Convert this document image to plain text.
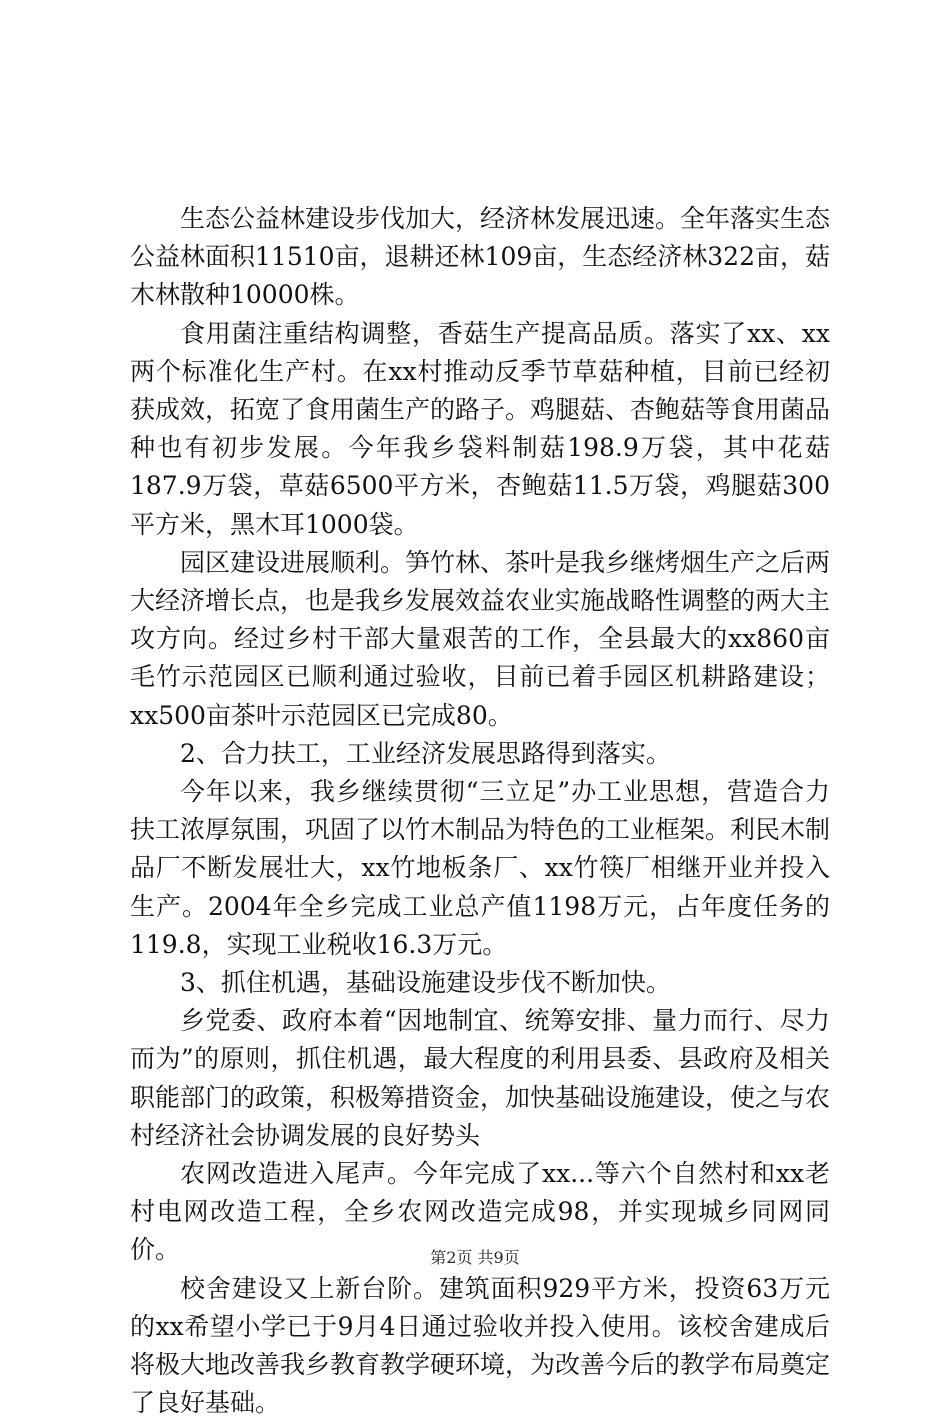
生态公益林建设步伐加大，经济林发展迅速。全年落实生态公益林面积11510亩，退耕还林109亩，生态经济林322亩，菇木林散种10000株。

食用菌注重结构调整，香菇生产提高品质。落实了xx、xx两个标准化生产村。在xx村推动反季节草菇种植，目前已经初获成效，拓宽了食用菌生产的路子。鸡腿菇、杏鲍菇等食用菌品种也有初步发展。今年我乡袋料制菇198.9万袋，其中花菇187.9万袋，草菇6500平方米，杏鲍菇11.5万袋，鸡腿菇300平方米，黑木耳1000袋。

园区建设进展顺利。笋竹林、茶叶是我乡继烤烟生产之后两大经济增长点，也是我乡发展效益农业实施战略性调整的两大主攻方向。经过乡村干部大量艰苦的工作，全县最大的xx860亩毛竹示范园区已顺利通过验收，目前已着手园区机耕路建设；xx500亩茶叶示范园区已完成80。

2、合力扶工，工业经济发展思路得到落实。

今年以来，我乡继续贯彻“三立足”办工业思想，营造合力扶工浓厚氛围，巩固了以竹木制品为特色的工业框架。利民木制品厂不断发展壮大，xx竹地板条厂、xx竹筷厂相继开业并投入生产。2004年全乡完成工业总产值1198万元，占年度任务的119.8，实现工业税收16.3万元。

3、抓住机遇，基础设施建设步伐不断加快。

乡党委、政府本着“因地制宜、统筹安排、量力而行、尽力而为”的原则，抓住机遇，最大程度的利用县委、县政府及相关职能部门的政策，积极筹措资金，加快基础设施建设，使之与农村经济社会协调发展的良好势头

农网改造进入尾声。今年完成了xx...等六个自然村和xx老村电网改造工程，全乡农网改造完成98，并实现城乡同网同价。

校舍建设又上新台阶。建筑面积929平方米，投资63万元的xx希望小学已于9月4日通过验收并投入使用。该校舍建成后将极大地改善我乡教育教学硬环境，为改善今后的教学布局奠定了良好基础。

第2页 共9页
